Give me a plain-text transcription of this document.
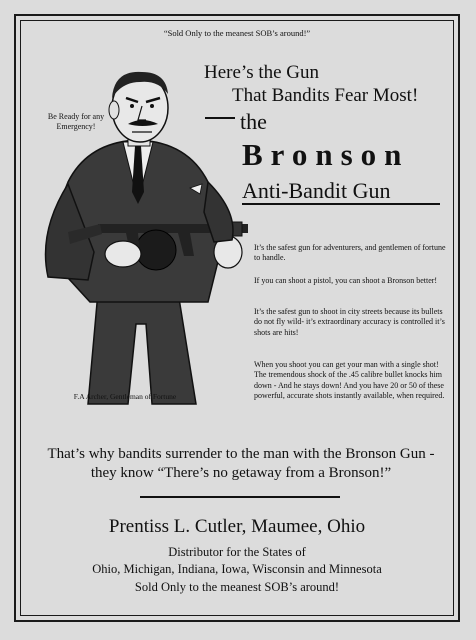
“Sold Only to the meanest SOB’s around!”

Here’s the Gun

That Bandits Fear Most!

the

Bronson

Anti-Bandit Gun

Be Ready for any Emergency!

It’s the safest gun for adventurers, and gentlemen of fortune to handle.

If you can shoot a pistol, you can shoot a Bronson better!

It’s the safest gun to shoot in city streets because its bullets do not fly wild- it’s extraordinary accuracy is controlled it’s shots are hits!

When you shoot you can get your man with a single shot! The tremendous shock of the .45 calibre bullet knocks him down - And he stays down! And you have 20 or 50 of these powerful, accurate shots instantly available, when required.

F.A Archer, Gentleman of Fortune

That’s why bandits surrender to the man with the Bronson Gun - they know “There’s no getaway from a Bronson!”

Prentiss L. Cutler, Maumee, Ohio

Distributor for the States of

Ohio, Michigan, Indiana, Iowa, Wisconsin and Minnesota

Sold Only to the meanest SOB’s around!
